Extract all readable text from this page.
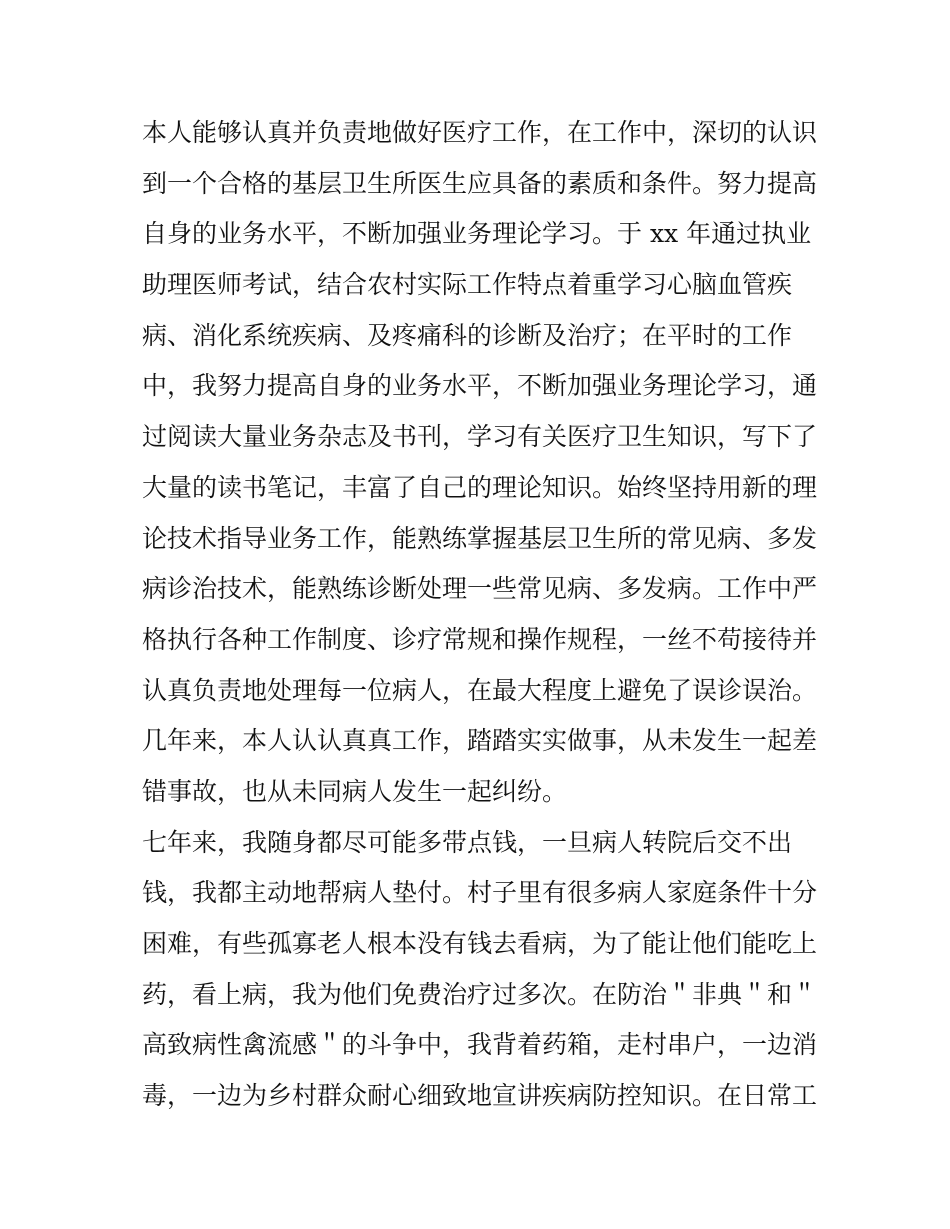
本人能够认真并负责地做好医疗工作，在工作中，深切的认识
到一个合格的基层卫生所医生应具备的素质和条件。努力提高
自身的业务水平，不断加强业务理论学习。于 xx 年通过执业
助理医师考试，结合农村实际工作特点着重学习心脑血管疾
病、消化系统疾病、及疼痛科的诊断及治疗；在平时的工作
中，我努力提高自身的业务水平，不断加强业务理论学习，通
过阅读大量业务杂志及书刊，学习有关医疗卫生知识，写下了
大量的读书笔记，丰富了自己的理论知识。始终坚持用新的理
论技术指导业务工作，能熟练掌握基层卫生所的常见病、多发
病诊治技术，能熟练诊断处理一些常见病、多发病。工作中严
格执行各种工作制度、诊疗常规和操作规程，一丝不苟接待并
认真负责地处理每一位病人，在最大程度上避免了误诊误治。
几年来，本人认认真真工作，踏踏实实做事，从未发生一起差
错事故，也从未同病人发生一起纠纷。
七年来，我随身都尽可能多带点钱，一旦病人转院后交不出
钱，我都主动地帮病人垫付。村子里有很多病人家庭条件十分
困难，有些孤寡老人根本没有钱去看病，为了能让他们能吃上
药，看上病，我为他们免费治疗过多次。在防治＂非典＂和＂
高致病性禽流感＂的斗争中，我背着药箱，走村串户，一边消
毒，一边为乡村群众耐心细致地宣讲疾病防控知识。在日常工
